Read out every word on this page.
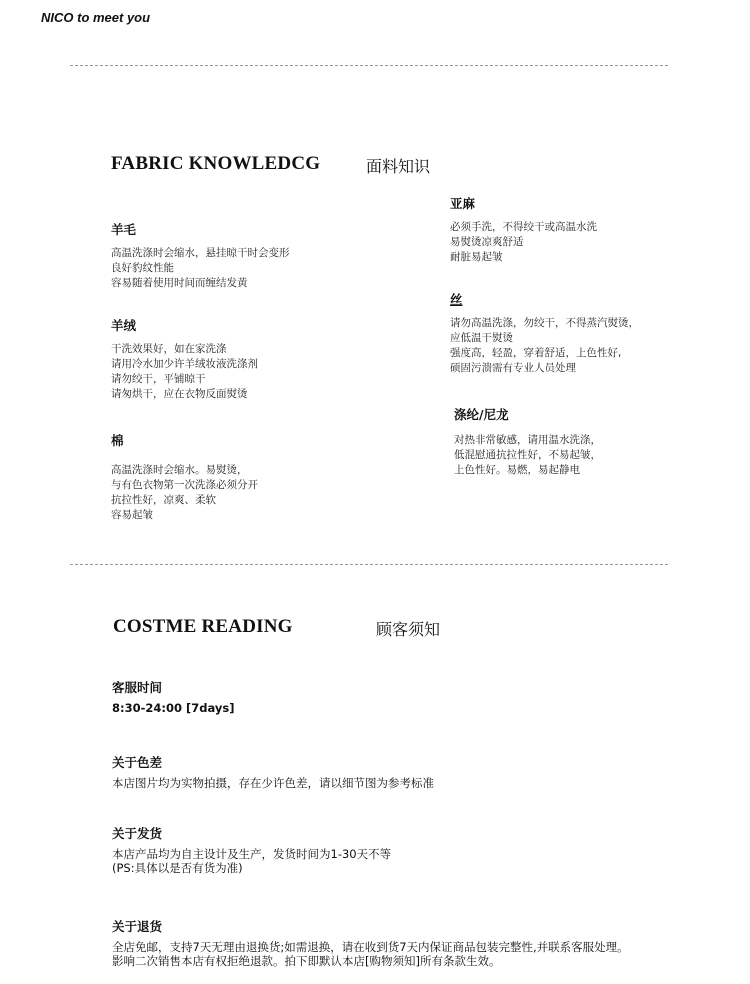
NICO to meet you
FABRIC KNOWLEDCG	面料知识
羊毛

高温洗涤时会缩水，悬挂晾干时会变形

良好豹纹性能

容易随着使用时间而缠结发黄

羊绒

干洗效果好，如在家洗涤

请用冷水加少许羊绒妆液洗涤剂

请勿绞干，平铺晾干

请匆烘干，应在衣物反面熨烫

棉

高温洗涤时会缩水。易熨烫，

与有色衣物第一次洗涤必须分开

抗拉性好，凉爽、柔软

容易起皱

亚麻

必须手洗，不得绞干或高温水洗

易熨烫凉爽舒适

耐脏易起皱

丝

请勿高温洗涤，勿绞干，不得蒸汽熨烫，

应低温干熨烫

强度高，轻盈，穿着舒适，上色性好,

硕固污溃需有专业人员处理

涤纶/尼龙

对热非常敏感，请用温水洗涤，

低混慰通抗拉性好，不易起皱，

上色性好。易燃，易起静电

COSTME READING	顾客须知
客服时间

8:30-24:00 [7days]

关于色差

本店图片均为实物拍摄，存在少许色差，请以细节图为参考标准

关于发货

本店产品均为自主设计及生产，发货时间为1-30天不等

(PS:具体以是否有货为准)

关于退货

全店免邮，支持7天无理由退换货;如需退换，请在收到货7天内保证商品包装完整性,并联系客服处理。

影响二次销售本店有权拒绝退款。拍下即默认本店[购物须知]所有条款生效。
